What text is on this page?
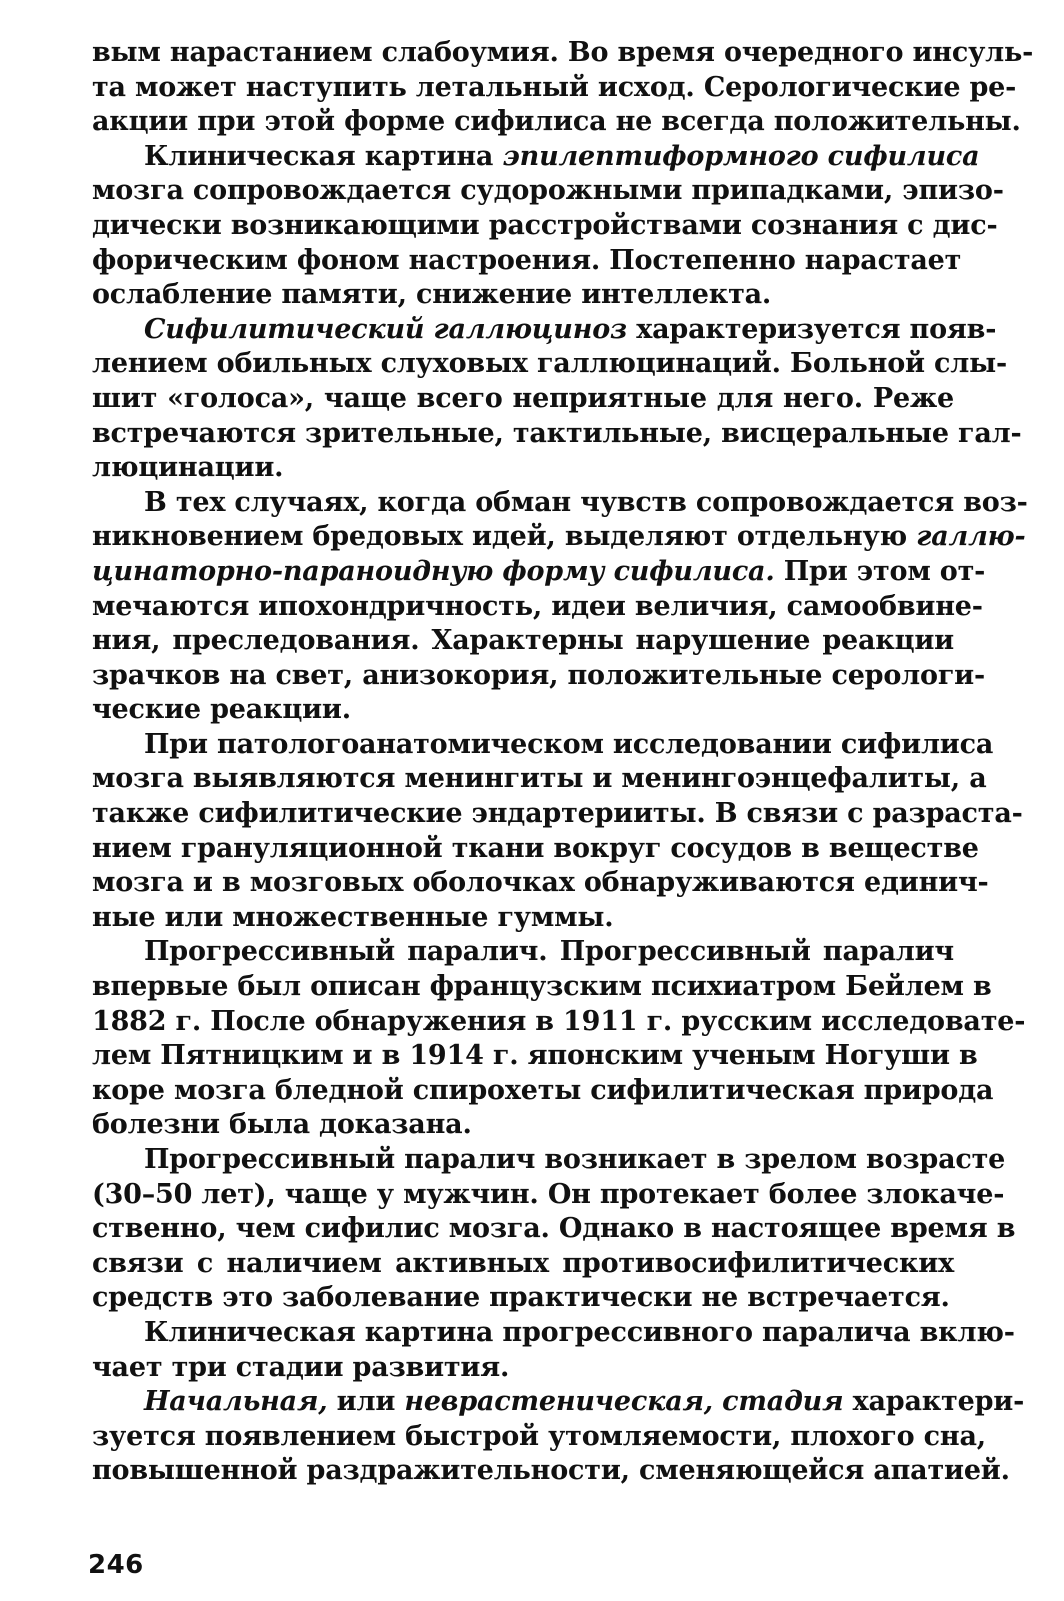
вым нарастанием слабоумия. Во время очередного инсуль-
та может наступить летальный исход. Серологические ре-
акции при этой форме сифилиса не всегда положительны.
Клиническая картина эпилептиформного сифилиса
мозга сопровождается судорожными припадками, эпизо-
дически возникающими расстройствами сознания с дис-
форическим фоном настроения. Постепенно нарастает
ослабление памяти, снижение интеллекта.
Сифилитический галлюциноз характеризуется появ-
лением обильных слуховых галлюцинаций. Больной слы-
шит «голоса», чаще всего неприятные для него. Реже
встречаются зрительные, тактильные, висцеральные гал-
люцинации.
В тех случаях, когда обман чувств сопровождается воз-
никновением бредовых идей, выделяют отдельную галлю-
цинаторно-параноидную форму сифилиса. При этом от-
мечаются ипохондричность, идеи величия, самообвине-
ния, преследования. Характерны нарушение реакции
зрачков на свет, анизокория, положительные серологи-
ческие реакции.
При патологоанатомическом исследовании сифилиса
мозга выявляются менингиты и менингоэнцефалиты, а
также сифилитические эндартерииты. В связи с разраста-
нием грануляционной ткани вокруг сосудов в веществе
мозга и в мозговых оболочках обнаруживаются единич-
ные или множественные гуммы.
Прогрессивный паралич. Прогрессивный паралич
впервые был описан французским психиатром Бейлем в
1882 г. После обнаружения в 1911 г. русским исследовате-
лем Пятницким и в 1914 г. японским ученым Ногуши в
коре мозга бледной спирохеты сифилитическая природа
болезни была доказана.
Прогрессивный паралич возникает в зрелом возрасте
(30–50 лет), чаще у мужчин. Он протекает более злокаче-
ственно, чем сифилис мозга. Однако в настоящее время в
связи с наличием активных противосифилитических
средств это заболевание практически не встречается.
Клиническая картина прогрессивного паралича вклю-
чает три стадии развития.
Начальная, или неврастеническая, стадия характери-
зуется появлением быстрой утомляемости, плохого сна,
повышенной раздражительности, сменяющейся апатией.
246
